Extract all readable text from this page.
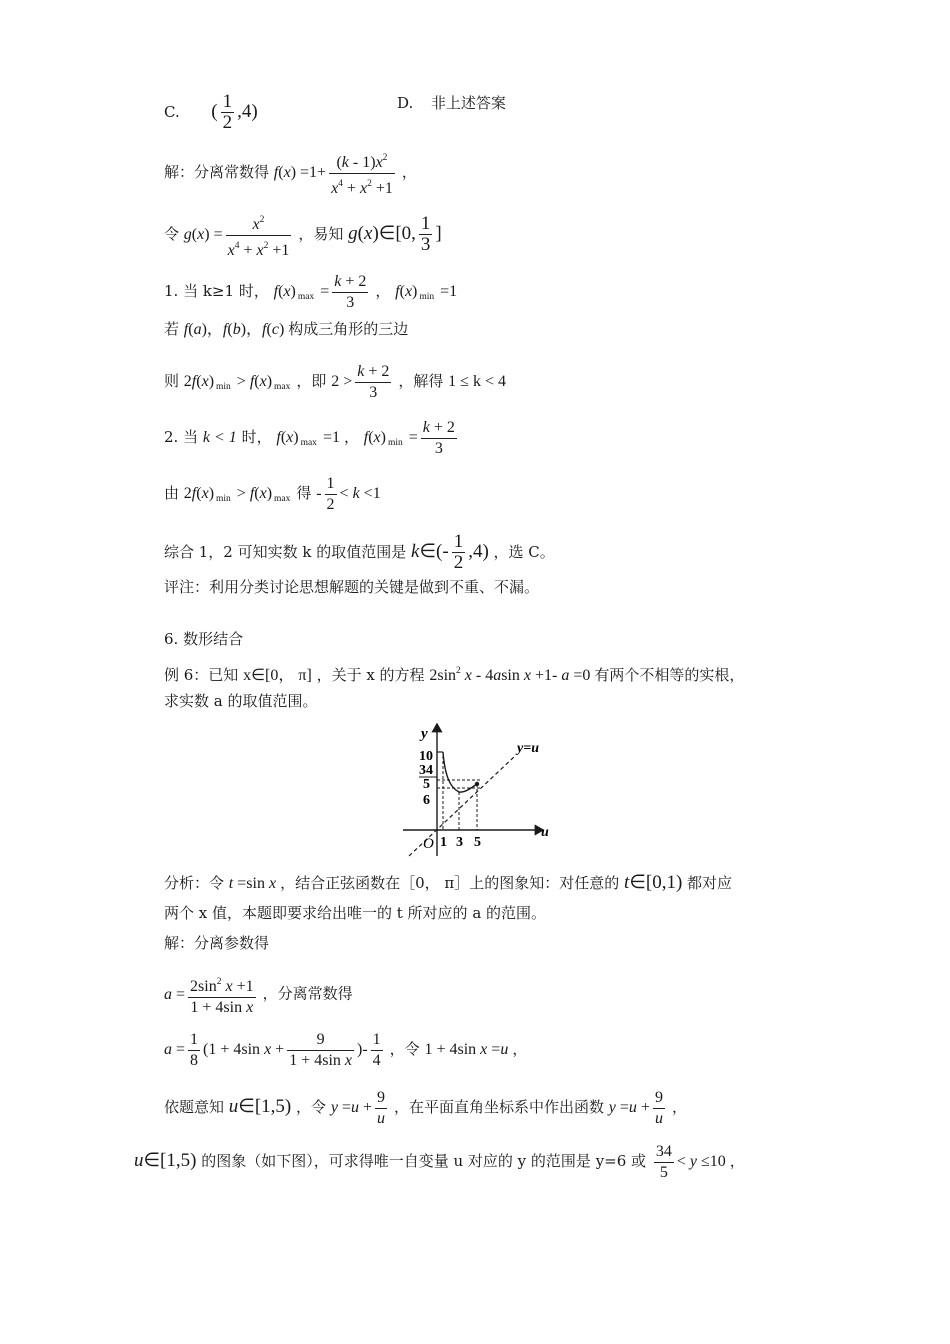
C.  ( $\frac{1}{2} ,4$)	D. 非上述答案
解：分离常数得 $f(x) =1+ \frac{(k - 1)x^2}{x^4 + x^2 +1}$ ，
令 $g(x) = \frac{x^2}{x^4 + x^2 +1}$ ，易知 g(x)∈[0, $\frac{1}{3}$ ]
1. 当 k≥1 时， f(x) $_{max} = \frac{k + 2}{3}$ ， f(x) $_{min}$ =1
若 f(a)，f(b)，f(c) 构成三角形的三边
则 2f(x) $_{min}$ > f(x) $_{max}$ ，即 $2 > \frac{k + 2}{3}$ ，解得 1 ≤ k < 4
2. 当 k < 1 时， f(x) $_{max}$ =1 ， f(x) $_{min} = \frac{k + 2}{3}$
由 2f(x) $_{min}$ > f(x) $_{max}$ 得 - $\frac{1}{2} < k <1$
综合 1，2 可知实数 k 的取值范围是 k∈(- $\frac{1}{2} ,4$) ，选 C。
评注：利用分类讨论思想解题的关键是做到不重、不漏。
6. 数形结合
例 6：已知 x∈[0， π] ，关于 x 的方程 $2\sin^2$ x - 4asin x +1- a =0 有两个不相等的实根，
求实数 a 的取值范围。
y
u
O
y=u
10
34
5
6
1 3 5
分析：令 t =sin x ，结合正弦函数在［0， π］上的图象知：对任意的 t∈[0,1) 都对应
两个 x 值，本题即要求给出唯一的 t 所对应的 a 的范围。
解：分离参数得
$a = \frac{2\sin^2 x +1}{\text{1 + 4sin x}}$ ，分离常数得
$a = \frac{1}{8} (1 + 4\sin$ $x + \frac{9}{\text{1 + 4sin x}}$ )- $\frac{1}{4}$ ，令 1 + 4sin x =u ，
依题意知 u∈[1,5) ，令 $y =u + \frac{9}{u}$ ，在平面直角坐标系中作出函数 $y =u + \frac{9}{u}$ ，
u∈[1,5) 的图象（如下图），可求得唯一自变量 u 对应的 y 的范围是 y=6 或 $\frac{34}{5} < y \le 10$ ，
